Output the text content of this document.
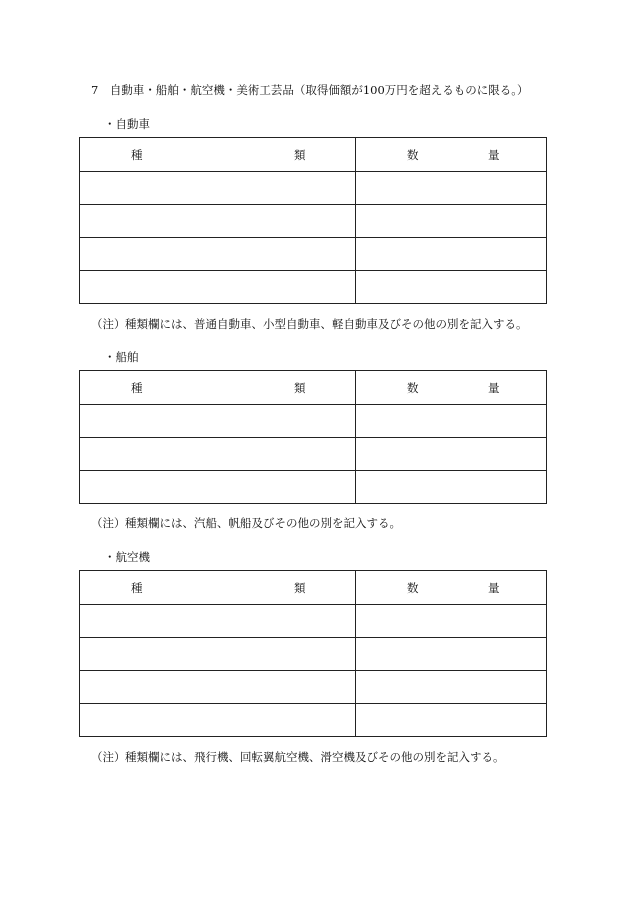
7　自動車・船舶・航空機・美術工芸品（取得価額が100万円を超えるものに限る。）
・自動車
種 類	数 量

（注）種類欄には、普通自動車、小型自動車、軽自動車及びその他の別を記入する。
・船舶
種 類	数 量

（注）種類欄には、汽船、帆船及びその他の別を記入する。
・航空機
種 類	数 量

（注）種類欄には、飛行機、回転翼航空機、滑空機及びその他の別を記入する。
